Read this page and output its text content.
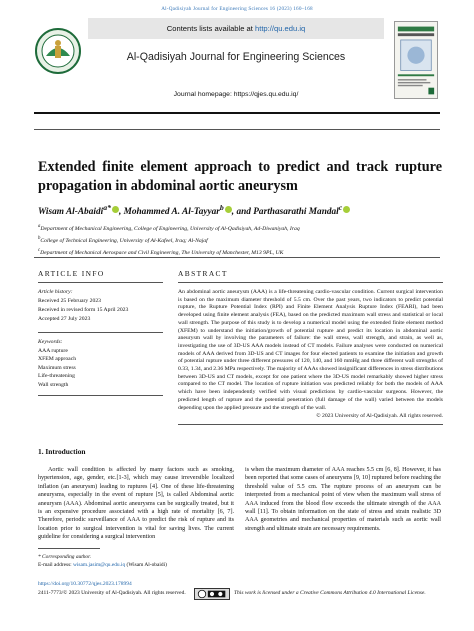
Al-Qadisiyah Journal for Engineering Sciences 16 (2023) 160–168
Contents lists available at http://qu.edu.iq
Al-Qadisiyah Journal for Engineering Sciences
Journal homepage: https://qjes.qu.edu.iq/
Extended finite element approach to predict and track rupture propagation in abdominal aortic aneurysm
Wisam Al-Abaidi$^{a*}$ , Mohammed A. Al-Tayyar$^b$ , and Parthasarathi Mandal$^c$
$^a$Department of Mechanical Engineering, College of Engineering, University of Al-Qadisiyah, Ad-Diwaniyah, Iraq
$^b$College of Technical Engineering, University of Al-Kafeel, Iraq; Al-Najaf
$^c$Department of Mechanical Aerospace and Civil Engineering, The University of Manchester, M13 9PL, UK
ARTICLE INFO
Article history:
Received 25 February 2023
Received in revised form 15 April 2023
Accepted 27 July 2023
Keywords:
AAA rupture
XFEM approach
Maximum stress
Life-threatening
Wall strength
ABSTRACT

An abdominal aortic aneurysm (AAA) is a life-threatening cardio-vascular condition. Current surgical intervention is based on the maximum diameter threshold of 5.5 cm. Over the past years, two indicators to predict potential rupture, the Rupture Potential Index (RPI) and Finite Element Analysis Rupture Index (FEARI), had been developed using finite element analysis (FEA), based on the predicted maximum wall stress and statistical or local wall strength. The purpose of this study is to develop a numerical model using the extended finite element method (XFEM) to understand the initiation/growth of potential rupture and predict its location in abdominal aortic aneurysm wall by involving the parameters of failure: the wall stress, wall strength, and strain, as well as, investigating the use of 3D-US AAA models instead of CT models. Failure analyses were conducted on numerical models of AAA derived from 3D-US and CT images for four elected patients to examine the initiation and growth of potential rupture under three different pressures of 120, 140, and 160 mmHg and three different wall strengths of 0.33, 1.34, and 2.36 MPa respectively. The majority of AAAs showed insignificant differences in stress distributions between 3D-US and CT models, except for one patient where the 3D-US model remarkably showed higher stress compared to the CT model. The location of rupture initiation was predicted reliably for both the models of AAA which have been independently verified with visual predictions by cardio-vascular surgeons. However, the predicted length of rupture and the potential penetration (full damage of the wall) varied between the models depending upon the applied pressure and the strength of the wall.

© 2023 University of Al-Qadisiyah. All rights reserved.
1. Introduction

Aortic wall condition is affected by many factors such as smoking, hypertension, age, gender, etc.[1-3], which may cause irreversible localized inflation (an aneurysm) leading to ruptures [4]. One of these life-threatening aneurysms, especially in the event of rupture [5], is called Abdominal aortic aneurysm (AAA). Abdominal aortic aneurysms can be surgically treated, but it is an expensive procedure associated with a high rate of mortality [6, 7]. Therefore, periodic surveillance of AAA to predict the risk of rupture and its location prior to surgical intervention is vital for saving lives. The current guideline for considering a surgical intervention

is when the maximum diameter of AAA reaches 5.5 cm [6, 8]. However, it has been reported that some cases of aneurysms [9, 10] ruptured before reaching the threshold value of 5.5 cm. The rupture process of an aneurysm can be interpreted from a mechanical point of view when the maximum wall stress of AAA induced from the blood flow exceeds the ultimate strength of the AAA wall [11]. To obtain information on the state of stress and strain realistic 3D AAA geometries and mechanical properties of materials such as aortic wall strength and ultimate strain are necessary requirements.

* Corresponding author.
E-mail address: wisam.jasim@qu.edu.iq (Wisam Al-obaidi)
https://doi.org/10.30772/qjes.2023.178994
2411-7773/© 2023 University of Al-Qadisiyah. All rights reserved.	This work is licensed under a Creative Commons Attribution 4.0 International License.
